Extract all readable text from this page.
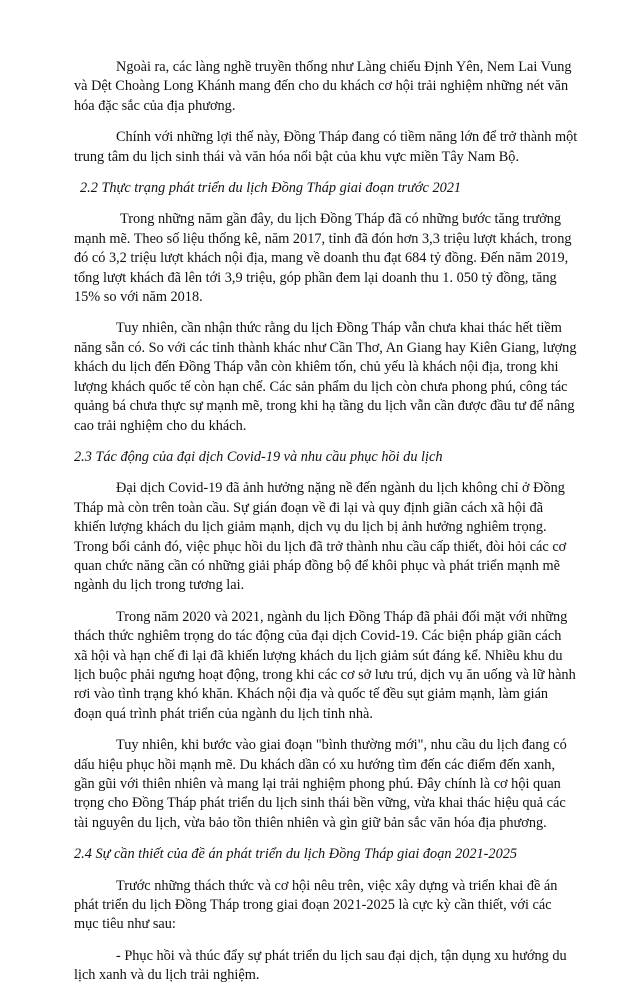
Ngoài ra, các làng nghề truyền thống như Làng chiếu Định Yên, Nem Lai Vung và Dệt Choàng Long Khánh mang đến cho du khách cơ hội trải nghiệm những nét văn hóa đặc sắc của địa phương.

Chính với những lợi thế này, Đồng Tháp đang có tiềm năng lớn để trở thành một trung tâm du lịch sinh thái và văn hóa nổi bật của khu vực miền Tây Nam Bộ.

2.2 Thực trạng phát triển du lịch Đồng Tháp giai đoạn trước 2021

Trong những năm gần đây, du lịch Đồng Tháp đã có những bước tăng trưởng mạnh mẽ. Theo số liệu thống kê, năm 2017, tỉnh đã đón hơn 3,3 triệu lượt khách, trong đó có 3,2 triệu lượt khách nội địa, mang về doanh thu đạt 684 tỷ đồng. Đến năm 2019, tổng lượt khách đã lên tới 3,9 triệu, góp phần đem lại doanh thu 1. 050 tỷ đồng, tăng 15% so với năm 2018.

Tuy nhiên, cần nhận thức rằng du lịch Đồng Tháp vẫn chưa khai thác hết tiềm năng sẵn có. So với các tỉnh thành khác như Cần Thơ, An Giang hay Kiên Giang, lượng khách du lịch đến Đồng Tháp vẫn còn khiêm tốn, chủ yếu là khách nội địa, trong khi lượng khách quốc tế còn hạn chế. Các sản phẩm du lịch còn chưa phong phú, công tác quảng bá chưa thực sự mạnh mẽ, trong khi hạ tầng du lịch vẫn cần được đầu tư để nâng cao trải nghiệm cho du khách.

2.3 Tác động của đại dịch Covid-19 và nhu cầu phục hồi du lịch

Đại dịch Covid-19 đã ảnh hưởng nặng nề đến ngành du lịch không chỉ ở Đồng Tháp mà còn trên toàn cầu. Sự gián đoạn về đi lại và quy định giãn cách xã hội đã khiến lượng khách du lịch giảm mạnh, dịch vụ du lịch bị ảnh hưởng nghiêm trọng. Trong bối cảnh đó, việc phục hồi du lịch đã trở thành nhu cầu cấp thiết, đòi hỏi các cơ quan chức năng cần có những giải pháp đồng bộ để khôi phục và phát triển mạnh mẽ ngành du lịch trong tương lai.

Trong năm 2020 và 2021, ngành du lịch Đồng Tháp đã phải đối mặt với những thách thức nghiêm trọng do tác động của đại dịch Covid-19. Các biện pháp giãn cách xã hội và hạn chế đi lại đã khiến lượng khách du lịch giảm sút đáng kể. Nhiều khu du lịch buộc phải ngưng hoạt động, trong khi các cơ sở lưu trú, dịch vụ ăn uống và lữ hành rơi vào tình trạng khó khăn. Khách nội địa và quốc tế đều sụt giảm mạnh, làm gián đoạn quá trình phát triển của ngành du lịch tỉnh nhà.

Tuy nhiên, khi bước vào giai đoạn "bình thường mới", nhu cầu du lịch đang có dấu hiệu phục hồi mạnh mẽ. Du khách dần có xu hướng tìm đến các điểm đến xanh, gần gũi với thiên nhiên và mang lại trải nghiệm phong phú. Đây chính là cơ hội quan trọng cho Đồng Tháp phát triển du lịch sinh thái bền vững, vừa khai thác hiệu quả các tài nguyên du lịch, vừa bảo tồn thiên nhiên và gìn giữ bản sắc văn hóa địa phương.

2.4 Sự cần thiết của đề án phát triển du lịch Đồng Tháp giai đoạn 2021-2025

Trước những thách thức và cơ hội nêu trên, việc xây dựng và triển khai đề án phát triển du lịch Đồng Tháp trong giai đoạn 2021-2025 là cực kỳ cần thiết, với các mục tiêu như sau:

- Phục hồi và thúc đẩy sự phát triển du lịch sau đại dịch, tận dụng xu hướng du lịch xanh và du lịch trải nghiệm.
